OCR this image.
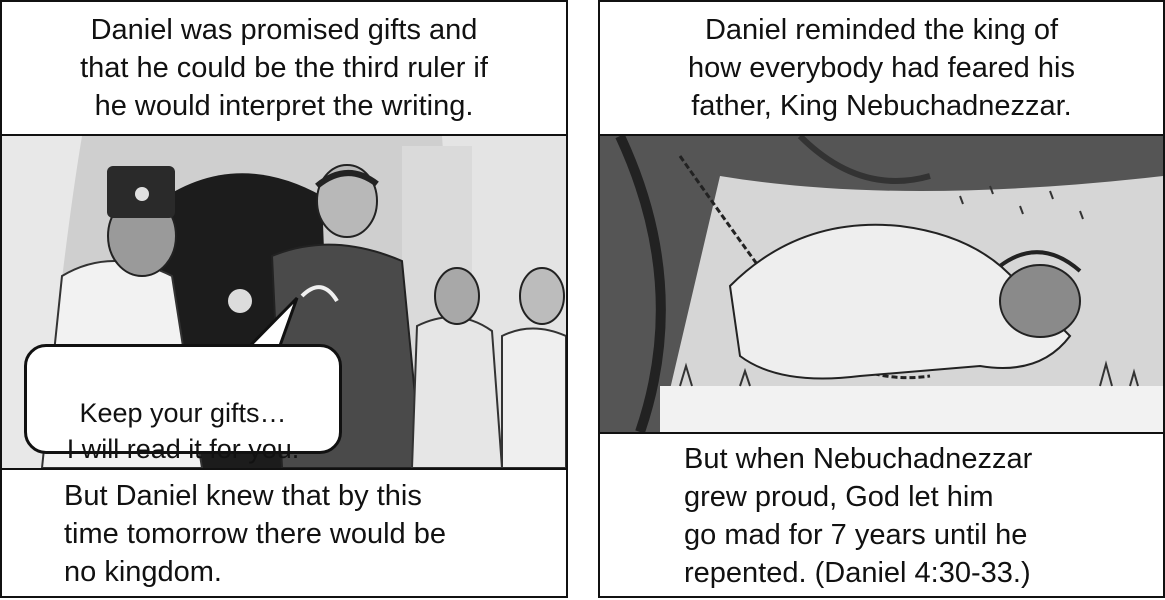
Daniel was promised gifts and
that he could be the third ruler if
he would interpret the writing.

Keep your gifts…
I will read it for you.

But Daniel knew that by this
time tomorrow there would be
no kingdom.
Daniel reminded the king of
how everybody had feared his
father, King Nebuchadnezzar.
But when Nebuchadnezzar
grew proud, God let him
go mad for 7 years until he
repented. (Daniel 4:30-33.)
